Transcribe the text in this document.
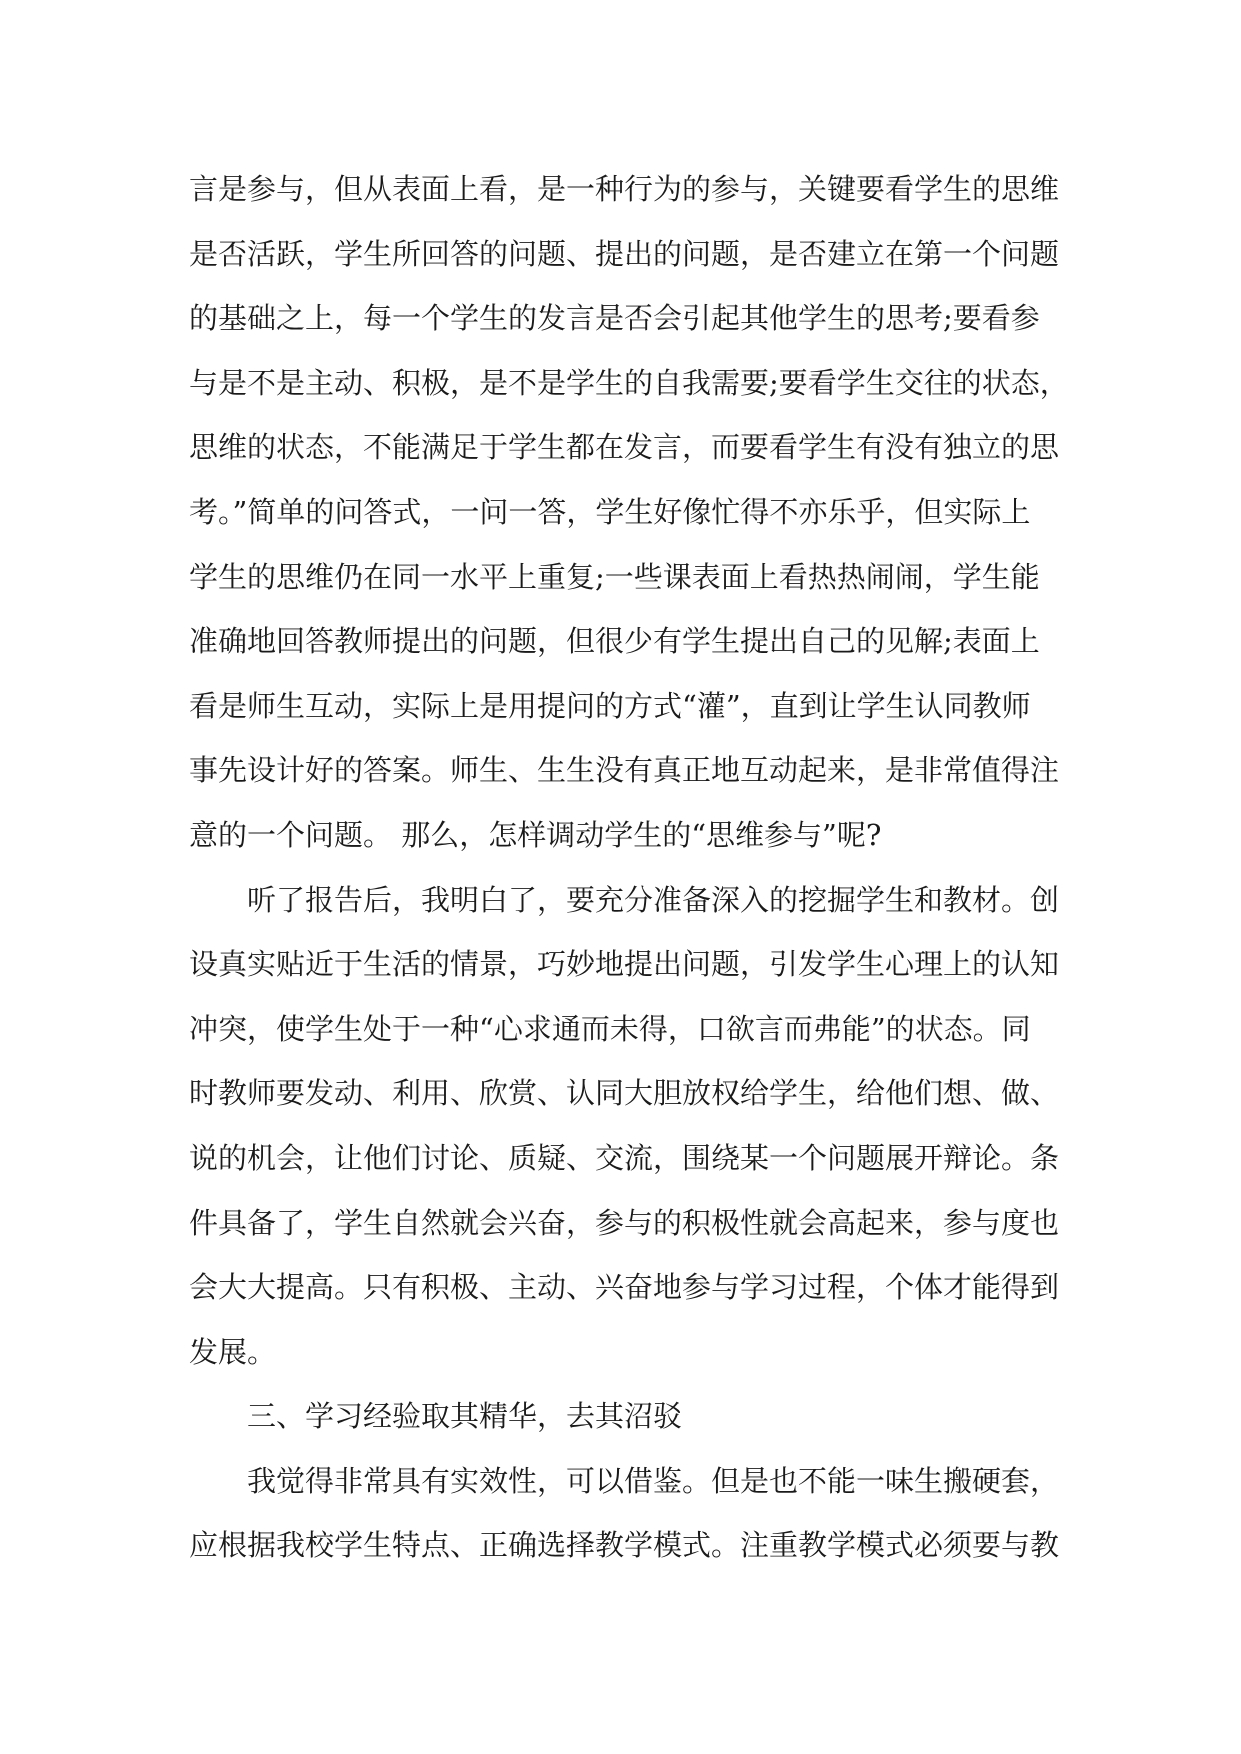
言是参与，但从表面上看，是一种行为的参与，关键要看学生的思维
是否活跃，学生所回答的问题、提出的问题，是否建立在第一个问题
的基础之上，每一个学生的发言是否会引起其他学生的思考;要看参
与是不是主动、积极，是不是学生的自我需要;要看学生交往的状态，
思维的状态，不能满足于学生都在发言，而要看学生有没有独立的思
考。”简单的问答式，一问一答，学生好像忙得不亦乐乎，但实际上
学生的思维仍在同一水平上重复;一些课表面上看热热闹闹，学生能
准确地回答教师提出的问题，但很少有学生提出自己的见解;表面上
看是师生互动，实际上是用提问的方式“灌”，直到让学生认同教师
事先设计好的答案。师生、生生没有真正地互动起来，是非常值得注
意的一个问题。 那么，怎样调动学生的“思维参与”呢?
　　听了报告后，我明白了，要充分准备深入的挖掘学生和教材。创
设真实贴近于生活的情景，巧妙地提出问题，引发学生心理上的认知
冲突，使学生处于一种“心求通而未得，口欲言而弗能”的状态。同
时教师要发动、利用、欣赏、认同大胆放权给学生，给他们想、做、
说的机会，让他们讨论、质疑、交流，围绕某一个问题展开辩论。条
件具备了，学生自然就会兴奋，参与的积极性就会高起来，参与度也
会大大提高。只有积极、主动、兴奋地参与学习过程，个体才能得到
发展。
　　三、学习经验取其精华，去其沼驳
　　我觉得非常具有实效性，可以借鉴。但是也不能一味生搬硬套，
应根据我校学生特点、正确选择教学模式。注重教学模式必须要与教
